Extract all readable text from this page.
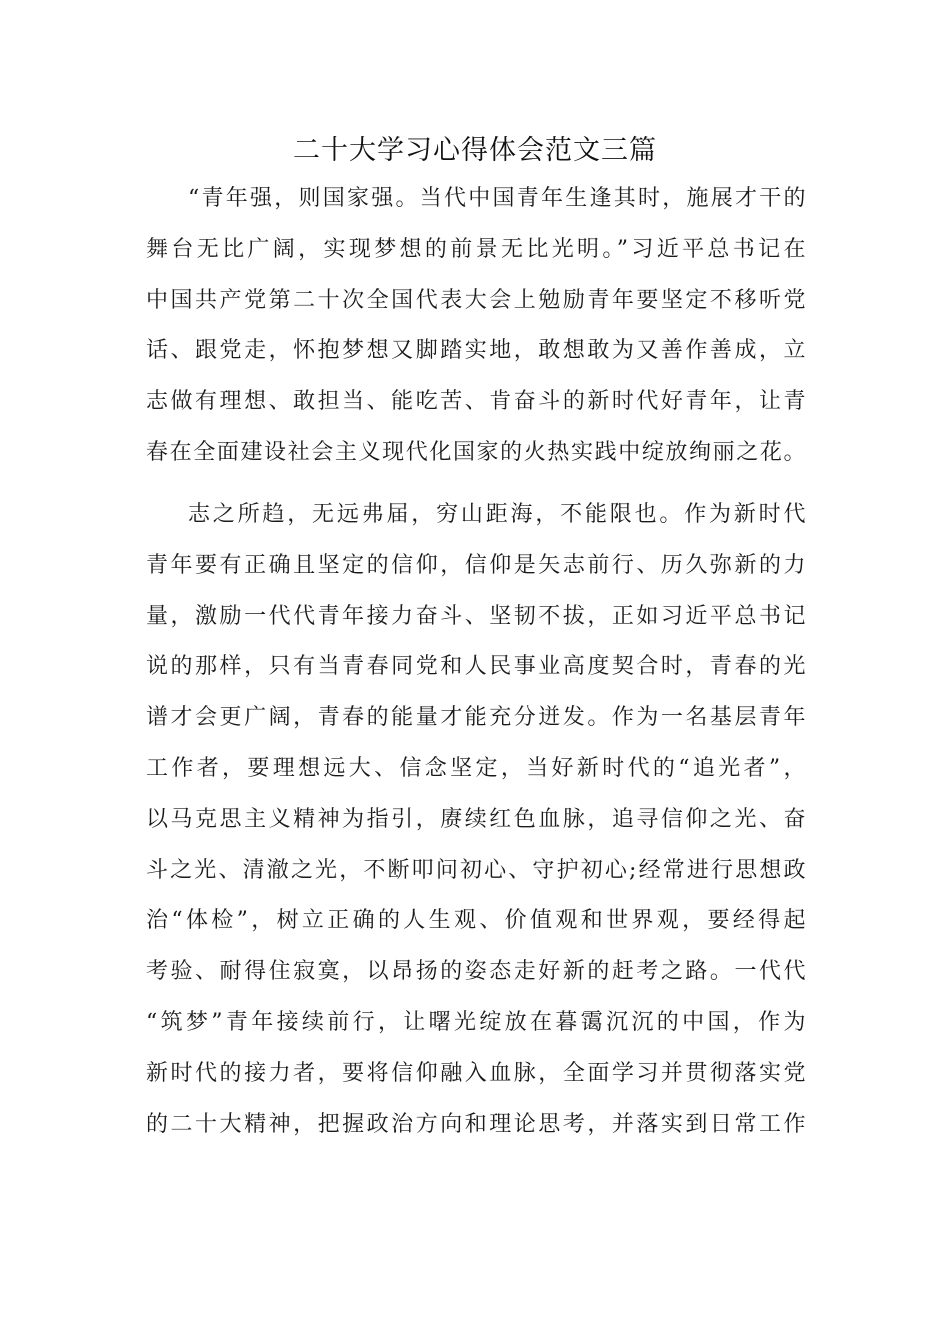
二十大学习心得体会范文三篇
“青年强，则国家强。当代中国青年生逢其时，施展才干的
舞台无比广阔，实现梦想的前景无比光明。”习近平总书记在
中国共产党第二十次全国代表大会上勉励青年要坚定不移听党
话、跟党走，怀抱梦想又脚踏实地，敢想敢为又善作善成，立
志做有理想、敢担当、能吃苦、肯奋斗的新时代好青年，让青
春在全面建设社会主义现代化国家的火热实践中绽放绚丽之花。
志之所趋，无远弗届，穷山距海，不能限也。作为新时代
青年要有正确且坚定的信仰，信仰是矢志前行、历久弥新的力
量，激励一代代青年接力奋斗、坚韧不拔，正如习近平总书记
说的那样，只有当青春同党和人民事业高度契合时，青春的光
谱才会更广阔，青春的能量才能充分迸发。作为一名基层青年
工作者，要理想远大、信念坚定，当好新时代的“追光者”，
以马克思主义精神为指引，赓续红色血脉，追寻信仰之光、奋
斗之光、清澈之光，不断叩问初心、守护初心;经常进行思想政
治“体检”，树立正确的人生观、价值观和世界观，要经得起
考验、耐得住寂寞，以昂扬的姿态走好新的赶考之路。一代代
“筑梦”青年接续前行，让曙光绽放在暮霭沉沉的中国，作为
新时代的接力者，要将信仰融入血脉，全面学习并贯彻落实党
的二十大精神，把握政治方向和理论思考，并落实到日常工作
